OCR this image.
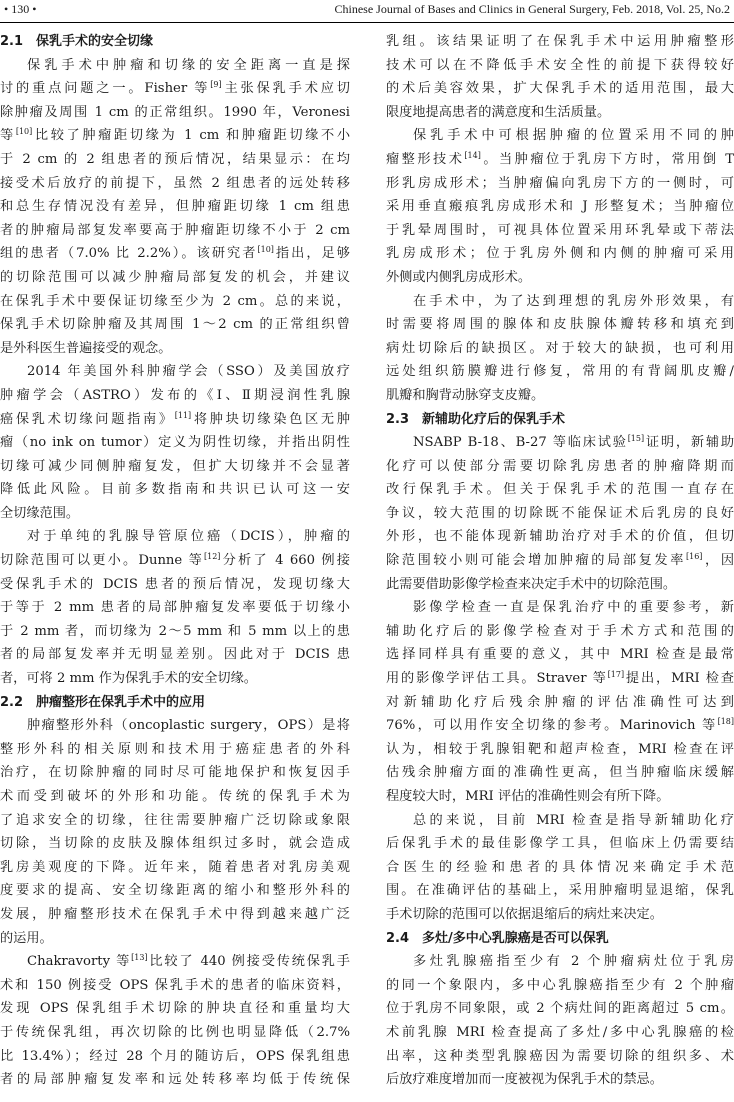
• 130 •	Chinese Journal of Bases and Clinics in General Surgery, Feb. 2018, Vol. 25, No.2
2.1　保乳手术的安全切缘
保乳手术中肿瘤和切缘的安全距离一直是探
讨的重点问题之一。Fisher 等[9]主张保乳手术应切
除肿瘤及周围 1 cm 的正常组织。1990 年，Veronesi
等[10]比较了肿瘤距切缘为 1 cm 和肿瘤距切缘不小
于 2 cm 的 2 组患者的预后情况，结果显示：在均
接受术后放疗的前提下，虽然 2 组患者的远处转移
和总生存情况没有差异，但肿瘤距切缘 1 cm 组患
者的肿瘤局部复发率要高于肿瘤距切缘不小于 2 cm
组的患者（7.0% 比 2.2%）。该研究者[10]指出，足够
的切除范围可以减少肿瘤局部复发的机会，并建议
在保乳手术中要保证切缘至少为 2 cm。总的来说，
保乳手术切除肿瘤及其周围 1～2 cm 的正常组织曾
是外科医生普遍接受的观念。
2014 年美国外科肿瘤学会（SSO）及美国放疗
肿瘤学会（ASTRO）发布的《Ⅰ、Ⅱ期浸润性乳腺
癌保乳术切缘问题指南》[11]将肿块切缘染色区无肿
瘤（no ink on tumor）定义为阴性切缘，并指出阴性
切缘可减少同侧肿瘤复发，但扩大切缘并不会显著
降低此风险。目前多数指南和共识已认可这一安
全切缘范围。
对于单纯的乳腺导管原位癌（DCIS），肿瘤的
切除范围可以更小。Dunne 等[12]分析了 4 660 例接
受保乳手术的 DCIS 患者的预后情况，发现切缘大
于等于 2 mm 患者的局部肿瘤复发率要低于切缘小
于 2 mm 者，而切缘为 2～5 mm 和 5 mm 以上的患
者的局部复发率并无明显差别。因此对于 DCIS 患
者，可将 2 mm 作为保乳手术的安全切缘。
2.2　肿瘤整形在保乳手术中的应用
肿瘤整形外科（oncoplastic surgery，OPS）是将
整形外科的相关原则和技术用于癌症患者的外科
治疗，在切除肿瘤的同时尽可能地保护和恢复因手
术而受到破坏的外形和功能。传统的保乳手术为
了追求安全的切缘，往往需要肿瘤广泛切除或象限
切除，当切除的皮肤及腺体组织过多时，就会造成
乳房美观度的下降。近年来，随着患者对乳房美观
度要求的提高、安全切缘距离的缩小和整形外科的
发展，肿瘤整形技术在保乳手术中得到越来越广泛
的运用。
Chakravorty 等[13]比较了 440 例接受传统保乳手
术和 150 例接受 OPS 保乳手术的患者的临床资料，
发现 OPS 保乳组手术切除的肿块直径和重量均大
于传统保乳组，再次切除的比例也明显降低（2.7%
比 13.4%）；经过 28 个月的随访后，OPS 保乳组患
者的局部肿瘤复发率和远处转移率均低于传统保
乳组。该结果证明了在保乳手术中运用肿瘤整形
技术可以在不降低手术安全性的前提下获得较好
的术后美容效果，扩大保乳手术的适用范围，最大
限度地提高患者的满意度和生活质量。
保乳手术中可根据肿瘤的位置采用不同的肿
瘤整形技术[14]。当肿瘤位于乳房下方时，常用倒 T
形乳房成形术；当肿瘤偏向乳房下方的一侧时，可
采用垂直瘢痕乳房成形术和 J 形整复术；当肿瘤位
于乳晕周围时，可视具体位置采用环乳晕或下蒂法
乳房成形术；位于乳房外侧和内侧的肿瘤可采用
外侧或内侧乳房成形术。
在手术中，为了达到理想的乳房外形效果，有
时需要将周围的腺体和皮肤腺体瓣转移和填充到
病灶切除后的缺损区。对于较大的缺损，也可利用
远处组织筋膜瓣进行修复，常用的有背阔肌皮瓣/
肌瓣和胸背动脉穿支皮瓣。
2.3　新辅助化疗后的保乳手术
NSABP B-18、B-27 等临床试验[15]证明，新辅助
化疗可以使部分需要切除乳房患者的肿瘤降期而
改行保乳手术。但关于保乳手术的范围一直存在
争议，较大范围的切除既不能保证术后乳房的良好
外形，也不能体现新辅助治疗对手术的价值，但切
除范围较小则可能会增加肿瘤的局部复发率[16]，因
此需要借助影像学检查来决定手术中的切除范围。
影像学检查一直是保乳治疗中的重要参考，新
辅助化疗后的影像学检查对于手术方式和范围的
选择同样具有重要的意义，其中 MRI 检查是最常
用的影像学评估工具。Straver 等[17]提出，MRI 检查
对新辅助化疗后残余肿瘤的评估准确性可达到
76%，可以用作安全切缘的参考。Marinovich 等[18]
认为，相较于乳腺钼靶和超声检查，MRI 检查在评
估残余肿瘤方面的准确性更高，但当肿瘤临床缓解
程度较大时，MRI 评估的准确性则会有所下降。
总的来说，目前 MRI 检查是指导新辅助化疗
后保乳手术的最佳影像学工具，但临床上仍需要结
合医生的经验和患者的具体情况来确定手术范
围。在准确评估的基础上，采用肿瘤明显退缩，保乳
手术切除的范围可以依据退缩后的病灶来决定。
2.4　多灶/多中心乳腺癌是否可以保乳
多灶乳腺癌指至少有 2 个肿瘤病灶位于乳房
的同一个象限内，多中心乳腺癌指至少有 2 个肿瘤
位于乳房不同象限，或 2 个病灶间的距离超过 5 cm。
术前乳腺 MRI 检查提高了多灶/多中心乳腺癌的检
出率，这种类型乳腺癌因为需要切除的组织多、术
后放疗难度增加而一度被视为保乳手术的禁忌。
